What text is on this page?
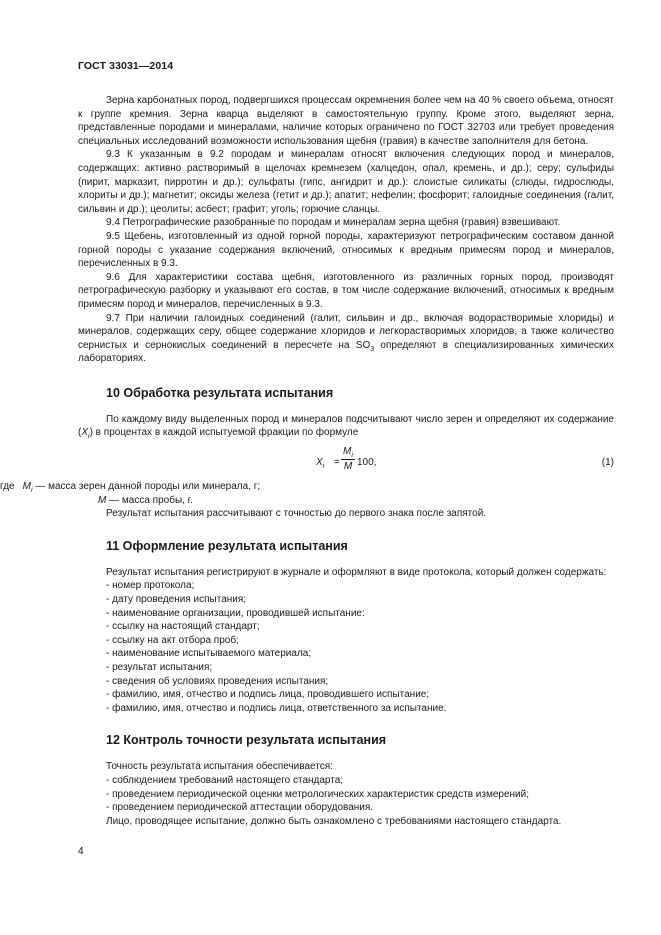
ГОСТ 33031—2014

Зерна карбонатных пород, подвергшихся процессам окремнения более чем на 40 % своего объема, относят к группе кремния. Зерна кварца выделяют в самостоятельную группу. Кроме этого, выделяют зерна, представленные породами и минералами, наличие которых ограничено по ГОСТ 32703 или требует проведения специальных исследований возможности использования щебня (гравия) в качестве заполнителя для бетона.

9.3 К указанным в 9.2 породам и минералам относят включения следующих пород и минералов, содержащих: активно растворимый в щелочах кремнезем (халцедон, опал, кремень, и др.); серу; сульфиды (пирит, марказит, пирротин и др.); сульфаты (гипс, ангидрит и др.): слоистые силикаты (слюды, гидрослюды, хлориты и др.); магнетит; оксиды железа (гетит и др.); апатит; нефелин; фосфорит; галоидные соединения (галит, сильвин и др.); цеолиты; асбест; графит; уголь; горючие сланцы.

9.4 Петрографические разобранные по породам и минералам зерна щебня (гравия) взвешивают.

9.5 Щебень, изготовленный из одной горной породы, характеризуют петрографическим составом данной горной породы с указание содержания включений, относимых к вредным примесям пород и минералов, перечисленных в 9.3.

9.6 Для характеристики состава щебня, изготовленного из различных горных пород, производят петрографическую разборку и указывают его состав, в том числе содержание включений, относимых к вредным примесям пород и минералов, перечисленных в 9.3.

9.7 При наличии галоидных соединений (галит, сильвин и др., включая водорастворимые хлориды) и минералов, содержащих серу, общее содержание хлоридов и легкорастворимых хлоридов, а также количество сернистых и сернокислых соединений в пересчете на $SO_3$ определяют в специализированных химических лабораториях.

10 Обработка результата испытания

По каждому виду выделенных пород и минералов подсчитывают число зерен и определяют их содержание $(X_i)$ в процентах в каждой испытуемой фракции по формуле

$X_i$ =
$M_i$
M 100,	(1)
где $M_i$ — масса зерен данной породы или минерала, г;
M — масса пробы, г.

Результат испытания рассчитывают с точностью до первого знака после запятой.

11 Оформление результата испытания

Результат испытания регистрируют в журнале и оформляют в виде протокола, который должен содержать:

- номер протокола;
- дату проведения испытания;
- наименование организации, проводившей испытание:
- ссылку на настоящий стандарт;
- ссылку на акт отбора проб;
- наименование испытываемого материала;
- результат испытания;
- сведения об условиях проведения испытания;
- фамилию, имя, отчество и подпись лица, проводившего испытание;
- фамилию, имя, отчество и подпись лица, ответственного за испытание.
12 Контроль точности результата испытания
Точность результата испытания обеспечивается:
- соблюдением требований настоящего стандарта;
- проведением периодической оценки метрологических характеристик средств измерений;
- проведением периодической аттестации оборудования.

Лицо, проводящее испытание, должно быть ознакомлено с требованиями настоящего стандарта.

4
